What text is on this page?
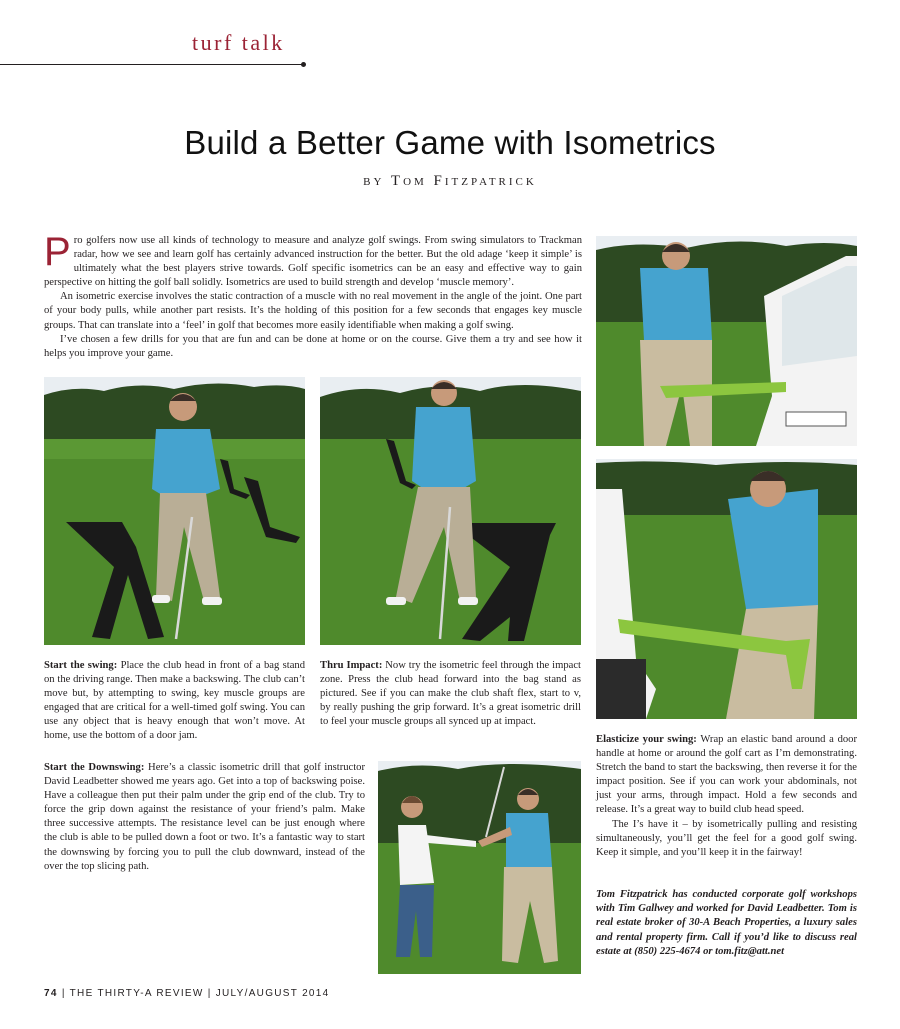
turf talk
Build a Better Game with Isometrics
by Tom Fitzpatrick

Pro golfers now use all kinds of technology to measure and analyze golf swings. From swing simulators to Trackman radar, how we see and learn golf has certainly advanced instruction for the better. But the old adage ‘keep it simple’ is ultimately what the best players strive towards. Golf specific isometrics can be an easy and effective way to gain perspective on hitting the golf ball solidly. Isometrics are used to build strength and develop ‘muscle memory’.

An isometric exercise involves the static contraction of a muscle with no real movement in the angle of the joint. One part of your body pulls, while another part resists. It’s the holding of this position for a few seconds that engages key muscle groups. That can translate into a ‘feel’ in golf that becomes more easily identifiable when making a golf swing.

I’ve chosen a few drills for you that are fun and can be done at home or on the course. Give them a try and see how it helps you improve your game.

Start the swing: Place the club head in front of a bag stand on the driving range. Then make a backswing. The club can’t move but, by attempting to swing, key muscle groups are engaged that are critical for a well-timed golf swing. You can use any object that is heavy enough that won’t move. At home, use the bottom of a door jam.
Thru Impact: Now try the isometric feel through the impact zone. Press the club head forward into the bag stand as pictured. See if you can make the club shaft flex, start to v, by really pushing the grip forward. It’s a great isometric drill to feel your muscle groups all synced up at impact.
Start the Downswing: Here’s a classic isometric drill that golf instructor David Leadbetter showed me years ago. Get into a top of backswing poise. Have a colleague then put their palm under the grip end of the club. Try to force the grip down against the resistance of your friend’s palm. Make three successive attempts. The resistance level can be just enough where the club is able to be pulled down a foot or two. It’s a fantastic way to start the downswing by forcing you to pull the club downward, instead of the over the top slicing path.

Elasticize your swing: Wrap an elastic band around a door handle at home or around the golf cart as I’m demonstrating. Stretch the band to start the backswing, then reverse it for the impact position. See if you can work your abdominals, not just your arms, through impact. Hold a few seconds and release. It’s a great way to build club head speed.

The I’s have it – by isometrically pulling and resisting simultaneously, you’ll get the feel for a good golf swing. Keep it simple, and you’ll keep it in the fairway!

Tom Fitzpatrick has conducted corporate golf workshops with Tim Gallwey and worked for David Leadbetter. Tom is real estate broker of 30-A Beach Properties, a luxury sales and rental property firm. Call if you’d like to discuss real estate at (850) 225-4674 or tom.fitz@att.net
74 | THE THIRTY-A REVIEW | JULY/AUGUST 2014
